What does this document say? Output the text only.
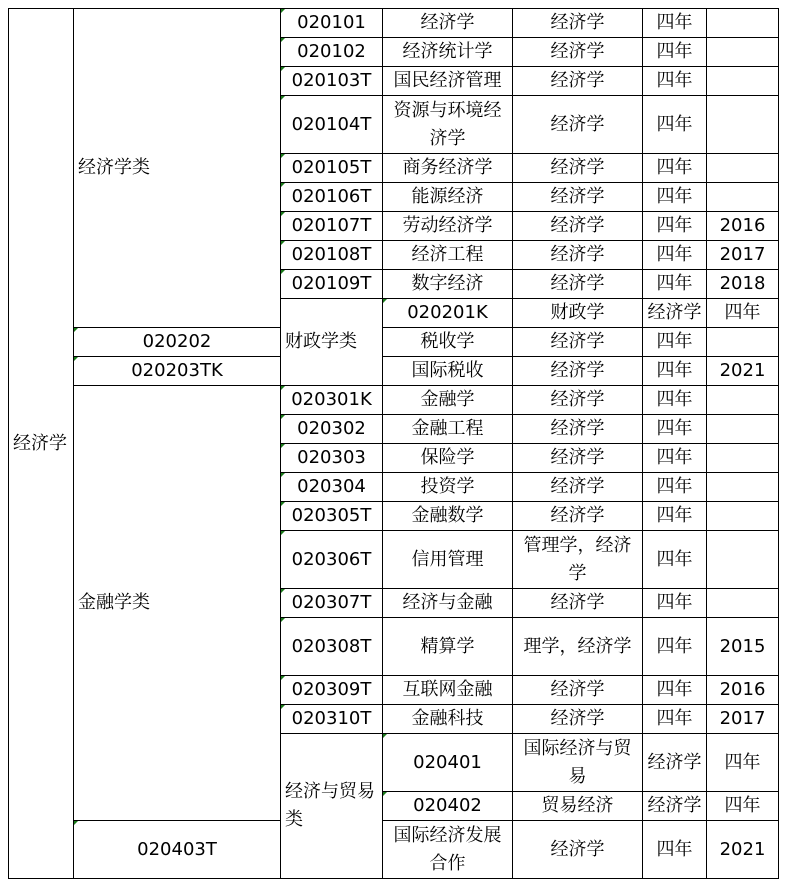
经济学	经济学类	020101	经济学	经济学	四年		
		020102	经济统计学	经济学	四年		
		020103T	国民经济管理	经济学	四年		
		020104T	资源与环境经济学	经济学	四年		
		020105T	商务经济学	经济学	四年		
		020106T	能源经济	经济学	四年		
		020107T	劳动经济学	经济学	四年	2016	
		020108T	经济工程	经济学	四年	2017	
		020109T	数字经济	经济学	四年	2018	
		财政学类	020201K	财政学	经济学	四年	
	020202		税收学	经济学	四年		
	020203TK		国际税收	经济学	四年	2021	
	金融学类	020301K	金融学	经济学	四年		
		020302	金融工程	经济学	四年		
		020303	保险学	经济学	四年		
		020304	投资学	经济学	四年		
		020305T	金融数学	经济学	四年		
		020306T	信用管理	管理学，经济学	四年		
		020307T	经济与金融	经济学	四年		
		020308T	精算学	理学，经济学	四年	2015	
		020309T	互联网金融	经济学	四年	2016	
		020310T	金融科技	经济学	四年	2017	
		经济与贸易类	020401	国际经济与贸易	经济学	四年	
			020402	贸易经济	经济学	四年	
	020403T		国际经济发展合作	经济学	四年	2021	
